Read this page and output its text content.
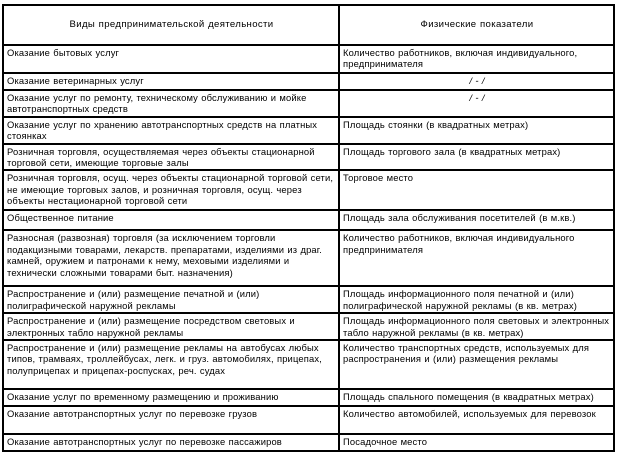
Виды предпринимательской деятельности	Физические показатели
Оказание бытовых услуг	Количество работников, включая индивидуального, предпринимателя
Оказание ветеринарных услуг	/ - /
Оказание услуг по ремонту, техническому обслуживанию и мойке автотранспортных средств	/ - /
Оказание услуг по хранению автотранспортных средств на платных стоянках	Площадь стоянки (в квадратных метрах)
Розничная торговля, осуществляемая через объекты стационарной торговой сети, имеющие торговые залы	Площадь торгового зала (в квадратных метрах)
Розничная торговля, осущ. через объекты стационарной торговой сети, не имеющие торговых залов, и розничная торговля, осущ. через объекты нестационарной торговой сети	Торговое место
Общественное питание	Площадь зала обслуживания посетителей (в м.кв.)
Разносная (развозная) торговля (за исключением торговли подакцизными товарами, лекарств. препаратами, изделиями из драг. камней, оружием и патронами к нему, меховыми изделиями и технически сложными товарами быт. назначения)	Количество работников, включая индивидуального предпринимателя
Распространение и (или) размещение печатной и (или) полиграфической наружной рекламы	Площадь информационного поля печатной и (или) полиграфической наружной рекламы (в кв. метрах)
Распространение и (или) размещение посредством световых и электронных табло наружной рекламы	Площадь информационного поля световых и электронных табло наружной рекламы (в кв. метрах)
Распространение и (или) размещение рекламы на автобусах любых типов, трамваях, троллейбусах, легк. и груз. автомобилях, прицепах, полуприцепах и прицепах-роспусках, реч. судах	Количество транспортных средств, используемых для распространения и (или) размещения рекламы
Оказание услуг по временному размещению и проживанию	Площадь спального помещения (в квадратных метрах)
Оказание автотранспортных услуг по перевозке грузов	Количество автомобилей, используемых для перевозок
Оказание автотранспортных услуг по перевозке пассажиров	Посадочное место
